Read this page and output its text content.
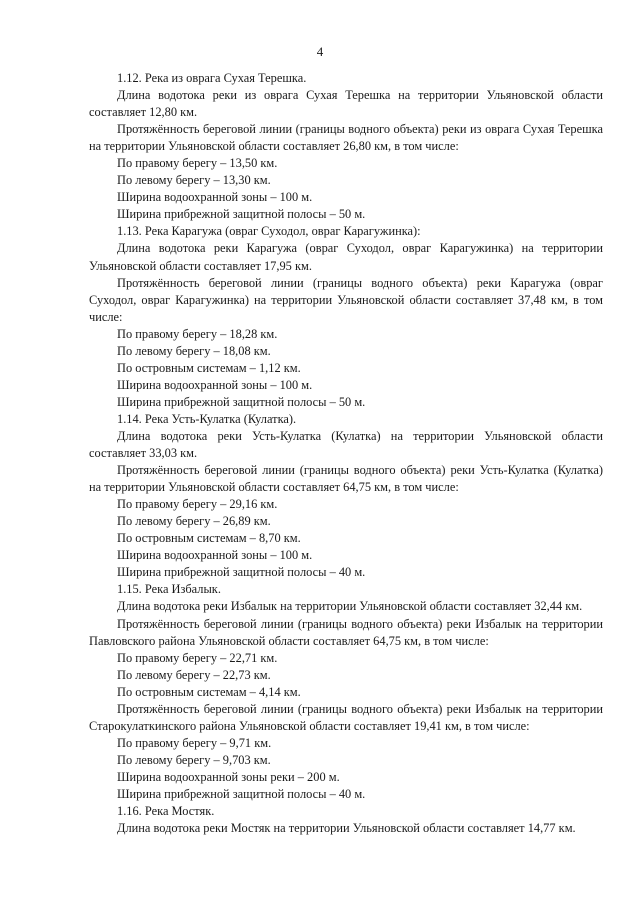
4

1.12. Река из оврага Сухая Терешка.

Длина водотока реки из оврага Сухая Терешка на территории Ульяновской области составляет 12,80 км.

Протяжённость береговой линии (границы водного объекта) реки из оврага Сухая Терешка на территории Ульяновской области составляет 26,80 км, в том числе:

По правому берегу – 13,50 км.

По левому берегу – 13,30 км.

Ширина водоохранной зоны – 100 м.

Ширина прибрежной защитной полосы – 50 м.

1.13. Река Карагужа (овраг Суходол, овраг Карагужинка):

Длина водотока реки Карагужа (овраг Суходол, овраг Карагужинка) на территории Ульяновской области составляет 17,95 км.

Протяжённость береговой линии (границы водного объекта) реки Карагужа (овраг Суходол, овраг Карагужинка) на территории Ульяновской области составляет 37,48 км, в том числе:

По правому берегу – 18,28 км.

По левому берегу – 18,08 км.

По островным системам – 1,12 км.

Ширина водоохранной зоны – 100 м.

Ширина прибрежной защитной полосы – 50 м.

1.14. Река Усть-Кулатка (Кулатка).

Длина водотока реки Усть-Кулатка (Кулатка) на территории Ульяновской области составляет 33,03 км.

Протяжённость береговой линии (границы водного объекта) реки Усть-Кулатка (Кулатка) на территории Ульяновской области составляет 64,75 км, в том числе:

По правому берегу – 29,16 км.

По левому берегу – 26,89 км.

По островным системам – 8,70 км.

Ширина водоохранной зоны – 100 м.

Ширина прибрежной защитной полосы – 40 м.

1.15. Река Избалык.

Длина водотока реки Избалык на территории Ульяновской области составляет 32,44 км.

Протяжённость береговой линии (границы водного объекта) реки Избалык на территории Павловского района Ульяновской области составляет 64,75 км, в том числе:

По правому берегу – 22,71 км.

По левому берегу – 22,73 км.

По островным системам – 4,14 км.

Протяжённость береговой линии (границы водного объекта) реки Избалык на территории Старокулаткинского района Ульяновской области составляет 19,41 км, в том числе:

По правому берегу – 9,71 км.

По левому берегу – 9,703 км.

Ширина водоохранной зоны реки – 200 м.

Ширина прибрежной защитной полосы – 40 м.

1.16. Река Мостяк.

Длина водотока реки Мостяк на территории Ульяновской области составляет 14,77 км.
